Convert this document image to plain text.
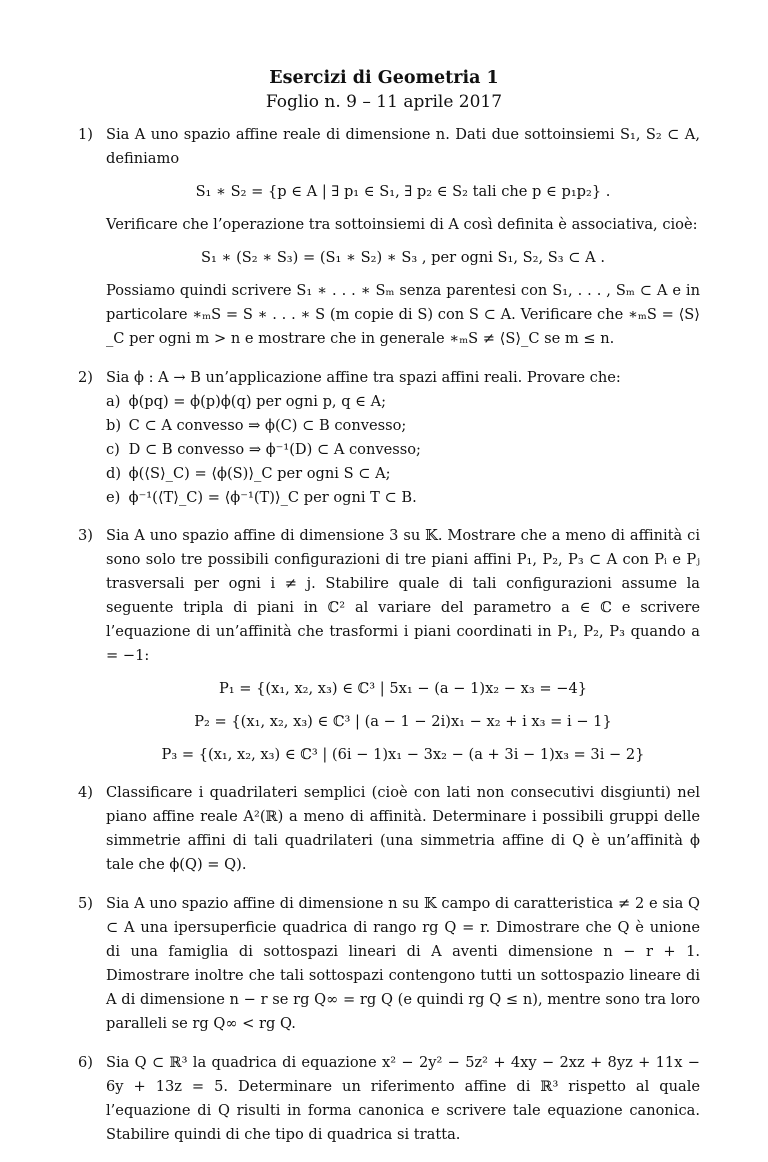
Esercizi di Geometria 1
Foglio n. 9 – 11 aprile 2017
1) Sia A uno spazio affine reale di dimensione n. Dati due sottoinsiemi S₁, S₂ ⊂ A, definiamo

S₁ ∗ S₂ = {p ∈ A | ∃ p₁ ∈ S₁, ∃ p₂ ∈ S₂ tali che p ∈ p₁p₂} .

Verificare che l’operazione tra sottoinsiemi di A così definita è associativa, cioè:

S₁ ∗ (S₂ ∗ S₃) = (S₁ ∗ S₂) ∗ S₃ , per ogni S₁, S₂, S₃ ⊂ A .

Possiamo quindi scrivere S₁ ∗ . . . ∗ Sₘ senza parentesi con S₁, . . . , Sₘ ⊂ A e in particolare ∗ₘS = S ∗ . . . ∗ S (m copie di S) con S ⊂ A. Verificare che ∗ₘS = ⟨S⟩_C per ogni m > n e mostrare che in generale ∗ₘS ≠ ⟨S⟩_C se m ≤ n.

2) Sia ϕ : A → B un’applicazione affine tra spazi affini reali. Provare che:

a) ϕ(pq) = ϕ(p)ϕ(q) per ogni p, q ∈ A;
b) C ⊂ A convesso ⇒ ϕ(C) ⊂ B convesso;
c) D ⊂ B convesso ⇒ ϕ⁻¹(D) ⊂ A convesso;
d) ϕ(⟨S⟩_C) = ⟨ϕ(S)⟩_C per ogni S ⊂ A;
e) ϕ⁻¹(⟨T⟩_C) = ⟨ϕ⁻¹(T)⟩_C per ogni T ⊂ B.
3) Sia A uno spazio affine di dimensione 3 su 𝕂. Mostrare che a meno di affinità ci sono solo tre possibili configurazioni di tre piani affini P₁, P₂, P₃ ⊂ A con Pᵢ e Pⱼ trasversali per ogni i ≠ j. Stabilire quale di tali configurazioni assume la seguente tripla di piani in ℂ² al variare del parametro a ∈ ℂ e scrivere l’equazione di un’affinità che trasformi i piani coordinati in P₁, P₂, P₃ quando a = −1:

P₁ = {(x₁, x₂, x₃) ∈ ℂ³ | 5x₁ − (a − 1)x₂ − x₃ = −4}
P₂ = {(x₁, x₂, x₃) ∈ ℂ³ | (a − 1 − 2i)x₁ − x₂ + i x₃ = i − 1}
P₃ = {(x₁, x₂, x₃) ∈ ℂ³ | (6i − 1)x₁ − 3x₂ − (a + 3i − 1)x₃ = 3i − 2}
4) Classificare i quadrilateri semplici (cioè con lati non consecutivi disgiunti) nel piano affine reale A²(ℝ) a meno di affinità. Determinare i possibili gruppi delle simmetrie affini di tali quadrilateri (una simmetria affine di Q è un’affinità ϕ tale che ϕ(Q) = Q).

5) Sia A uno spazio affine di dimensione n su 𝕂 campo di caratteristica ≠ 2 e sia Q ⊂ A una ipersuperficie quadrica di rango rg Q = r. Dimostrare che Q è unione di una famiglia di sottospazi lineari di A aventi dimensione n − r + 1. Dimostrare inoltre che tali sottospazi contengono tutti un sottospazio lineare di A di dimensione n − r se rg Q∞ = rg Q (e quindi rg Q ≤ n), mentre sono tra loro paralleli se rg Q∞ < rg Q.

6) Sia Q ⊂ ℝ³ la quadrica di equazione x² − 2y² − 5z² + 4xy − 2xz + 8yz + 11x − 6y + 13z = 5. Determinare un riferimento affine di ℝ³ rispetto al quale l’equazione di Q risulti in forma canonica e scrivere tale equazione canonica. Stabilire quindi di che tipo di quadrica si tratta.
